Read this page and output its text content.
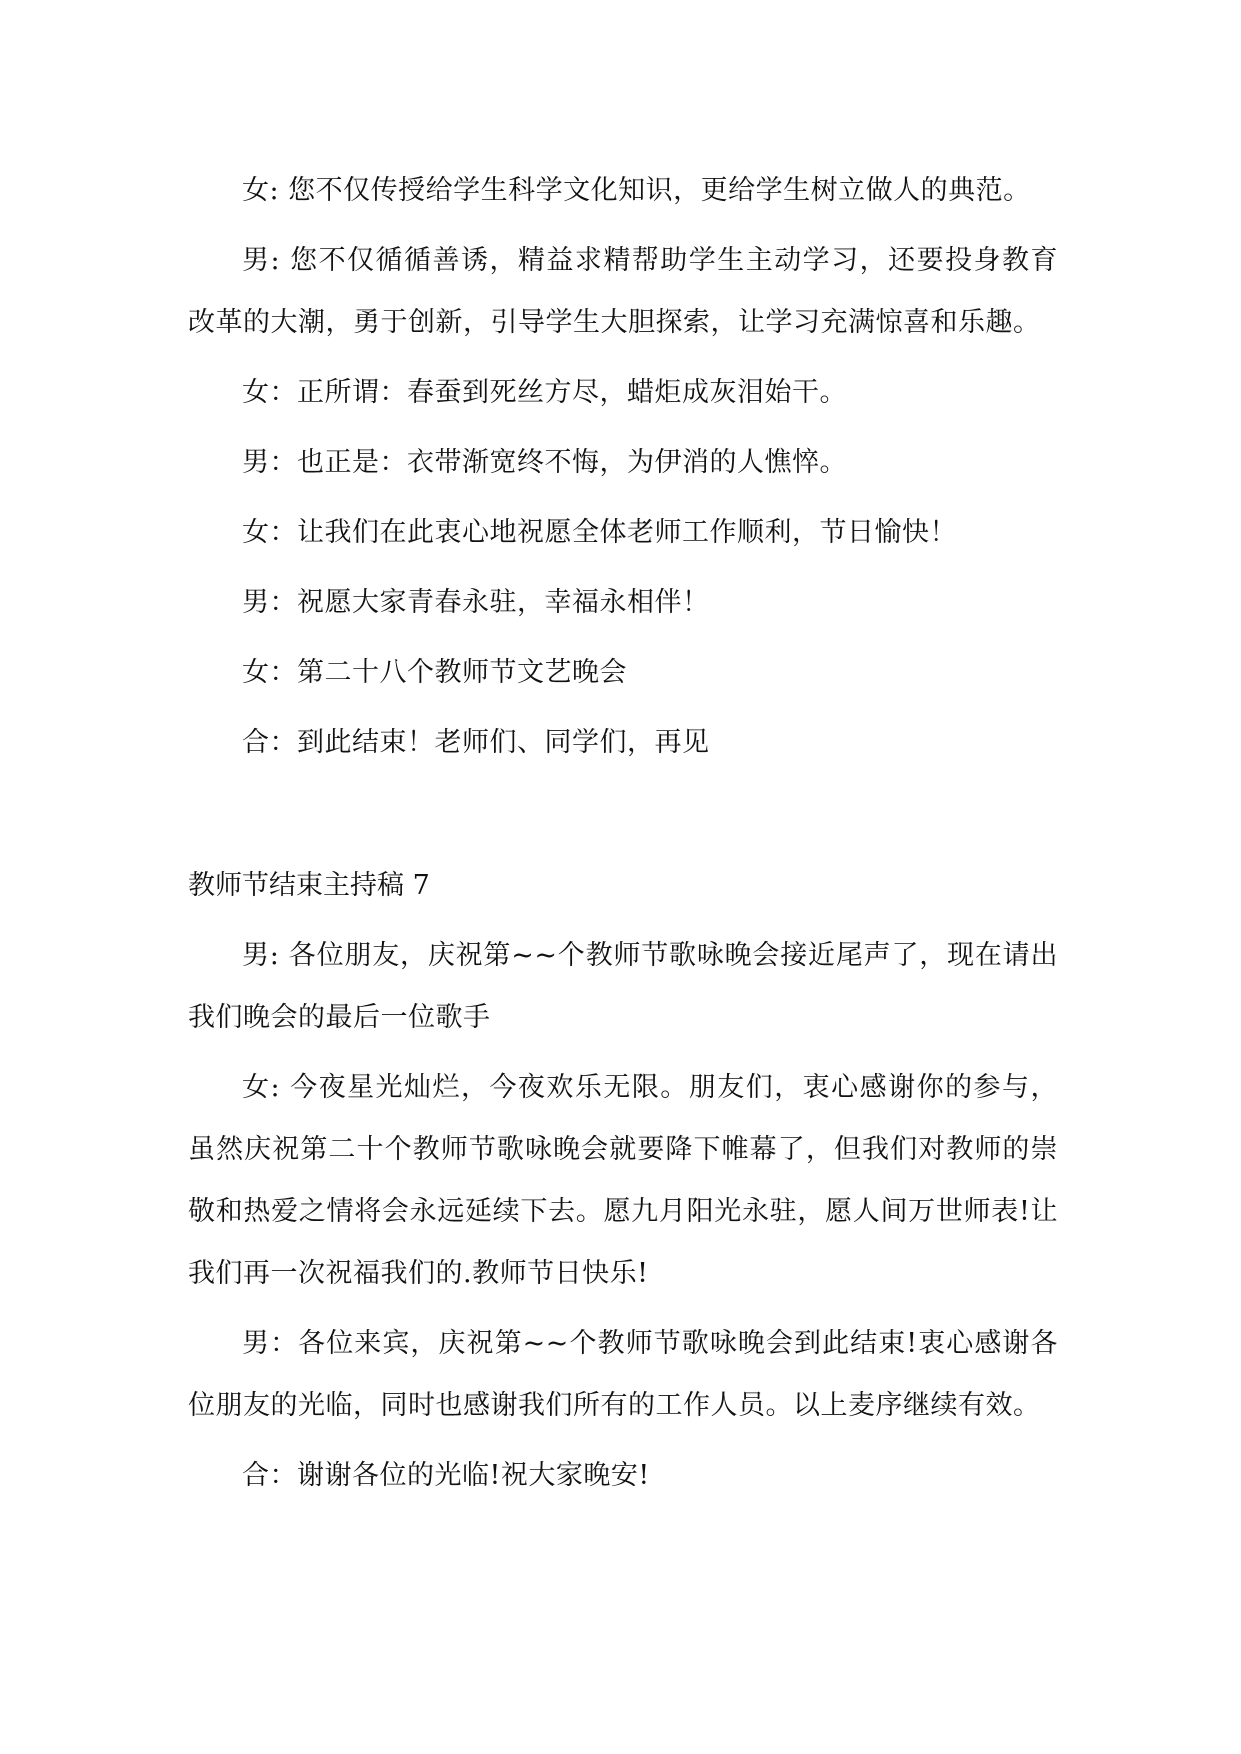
女: 您不仅传授给学生科学文化知识，更给学生树立做人的典范。

男: 您不仅循循善诱，精益求精帮助学生主动学习，还要投身教育改革的大潮，勇于创新，引导学生大胆探索，让学习充满惊喜和乐趣。

女：正所谓：春蚕到死丝方尽，蜡炬成灰泪始干。

男：也正是：衣带渐宽终不悔，为伊消的人憔悴。

女：让我们在此衷心地祝愿全体老师工作顺利，节日愉快！

男：祝愿大家青春永驻，幸福永相伴！

女：第二十八个教师节文艺晚会

合：到此结束！老师们、同学们，再见

教师节结束主持稿 7

男: 各位朋友，庆祝第~~个教师节歌咏晚会接近尾声了，现在请出我们晚会的最后一位歌手

女: 今夜星光灿烂，今夜欢乐无限。朋友们，衷心感谢你的参与，虽然庆祝第二十个教师节歌咏晚会就要降下帷幕了，但我们对教师的崇敬和热爱之情将会永远延续下去。愿九月阳光永驻，愿人间万世师表!让我们再一次祝福我们的.教师节日快乐!

男：各位来宾，庆祝第~~个教师节歌咏晚会到此结束!衷心感谢各位朋友的光临，同时也感谢我们所有的工作人员。以上麦序继续有效。

合：谢谢各位的光临!祝大家晚安!
